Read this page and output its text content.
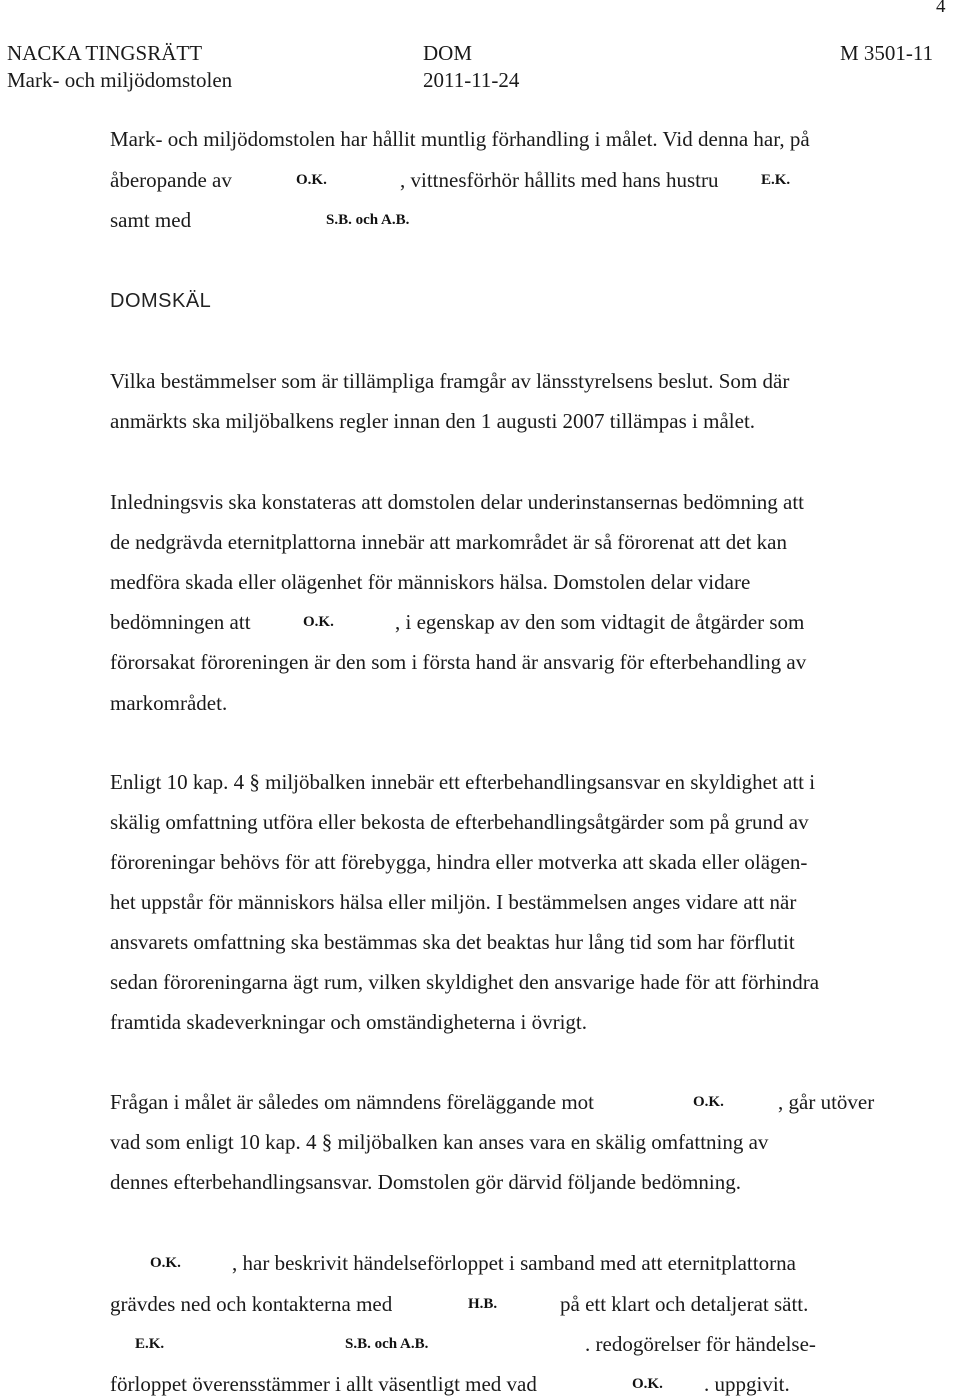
4
NACKA TINGSRÄTT
Mark- och miljödomstolen
DOM
2011-11-24
M 3501-11
Mark- och miljödomstolen har hållit muntlig förhandling i målet. Vid denna har, på
åberopande av	O.K.	, vittnesförhör hållits med hans hustru	E.K.
samt med	S.B. och A.B.
DOMSKÄL
Vilka bestämmelser som är tillämpliga framgår av länsstyrelsens beslut. Som där
anmärkts ska miljöbalkens regler innan den 1 augusti 2007 tillämpas i målet.
Inledningsvis ska konstateras att domstolen delar underinstansernas bedömning att
de nedgrävda eternitplattorna innebär att markområdet är så förorenat att det kan
medföra skada eller olägenhet för människors hälsa. Domstolen delar vidare
bedömningen att	O.K.	, i egenskap av den som vidtagit de åtgärder som
förorsakat föroreningen är den som i första hand är ansvarig för efterbehandling av
markområdet.
Enligt 10 kap. 4 § miljöbalken innebär ett efterbehandlingsansvar en skyldighet att i
skälig omfattning utföra eller bekosta de efterbehandlingsåtgärder som på grund av
föroreningar behövs för att förebygga, hindra eller motverka att skada eller olägen-
het uppstår för människors hälsa eller miljön. I bestämmelsen anges vidare att när
ansvarets omfattning ska bestämmas ska det beaktas hur lång tid som har förflutit
sedan föroreningarna ägt rum, vilken skyldighet den ansvarige hade för att förhindra
framtida skadeverkningar och omständigheterna i övrigt.
Frågan i målet är således om nämndens föreläggande mot	O.K.	, går utöver
vad som enligt 10 kap. 4 § miljöbalken kan anses vara en skälig omfattning av
dennes efterbehandlingsansvar. Domstolen gör därvid följande bedömning.
O.K. , har beskrivit händelseförloppet i samband med att eternitplattorna
grävdes ned och kontakterna med	H.B.	på ett klart och detaljerat sätt.
E.K.	S.B. och A.B.	. redogörelser för händelse-
förloppet överensstämmer i allt väsentligt med vad	O.K. . uppgivit.
